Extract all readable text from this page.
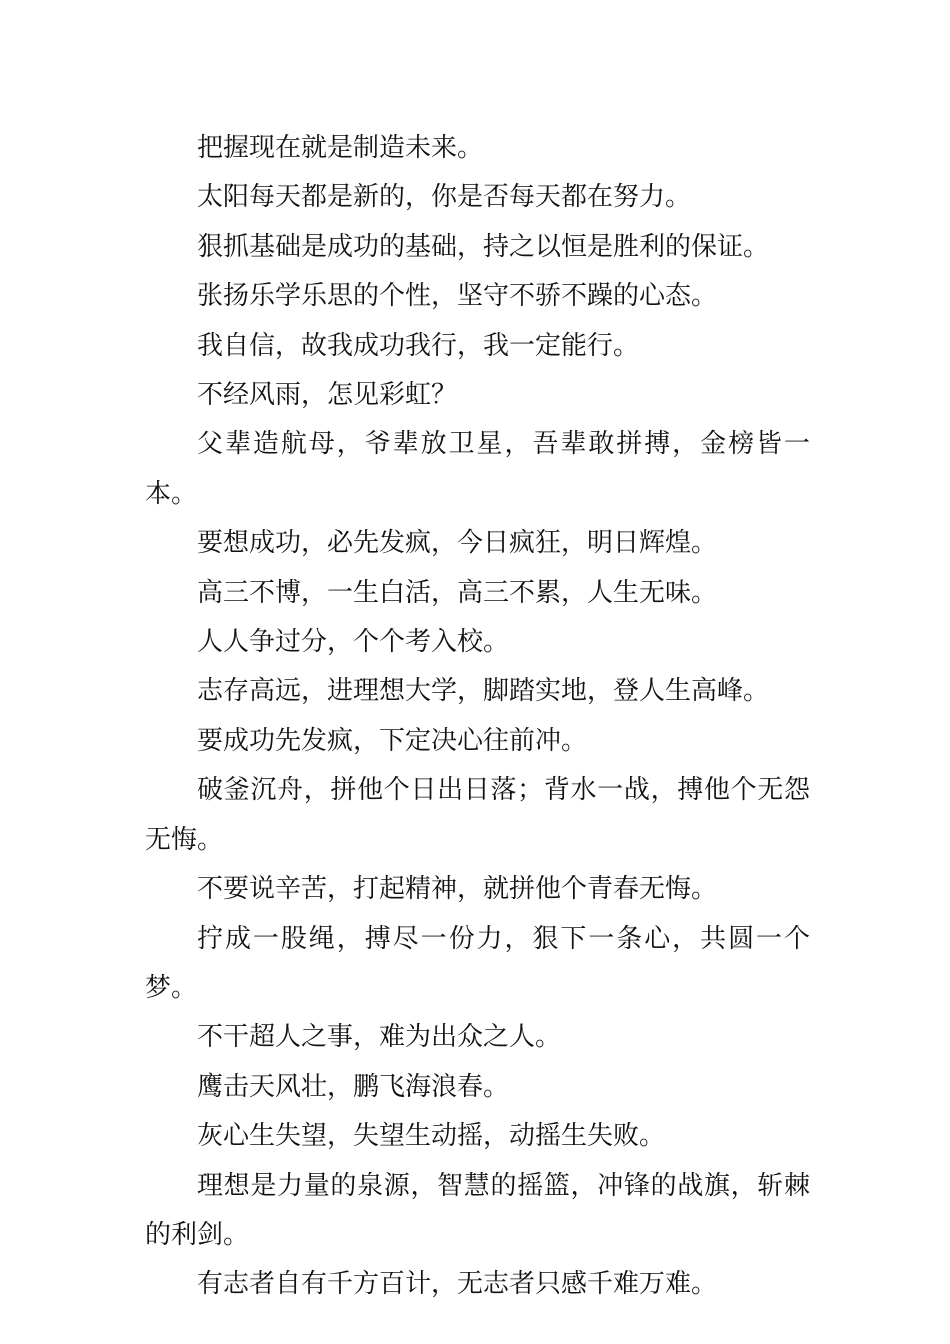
把握现在就是制造未来。

太阳每天都是新的，你是否每天都在努力。

狠抓基础是成功的基础，持之以恒是胜利的保证。

张扬乐学乐思的个性，坚守不骄不躁的心态。

我自信，故我成功我行，我一定能行。

不经风雨，怎见彩虹？

父辈造航母，爷辈放卫星，吾辈敢拼搏，金榜皆一本。

要想成功，必先发疯，今日疯狂，明日辉煌。

高三不博，一生白活，高三不累，人生无味。

人人争过分，个个考入校。

志存高远，进理想大学，脚踏实地，登人生高峰。

要成功先发疯，下定决心往前冲。

破釜沉舟，拼他个日出日落；背水一战，搏他个无怨无悔。

不要说辛苦，打起精神，就拼他个青春无悔。

拧成一股绳，搏尽一份力，狠下一条心，共圆一个梦。

不干超人之事，难为出众之人。

鹰击天风壮，鹏飞海浪春。

灰心生失望，失望生动摇，动摇生失败。

理想是力量的泉源，智慧的摇篮，冲锋的战旗，斩棘的利剑。

有志者自有千方百计，无志者只感千难万难。
